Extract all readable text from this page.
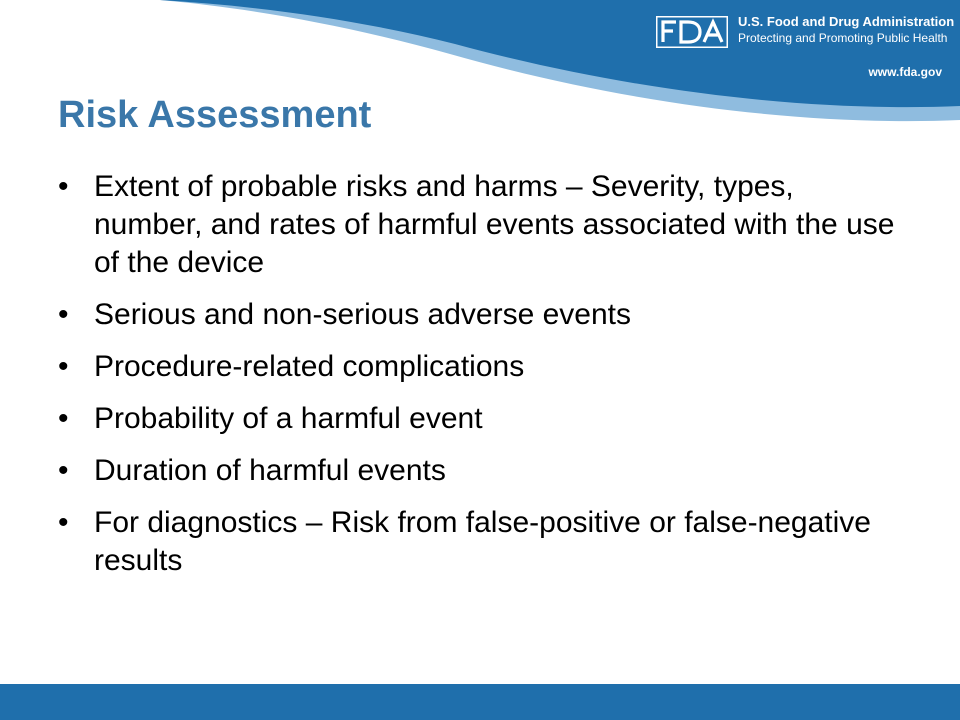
U.S. Food and Drug Administration
Protecting and Promoting Public Health
www.fda.gov
Risk Assessment
• Extent of probable risks and harms – Severity, types, number, and rates of harmful events associated with the use of the device
• Serious and non-serious adverse events
• Procedure-related complications
• Probability of a harmful event
• Duration of harmful events
• For diagnostics – Risk from false-positive or false-negative results
